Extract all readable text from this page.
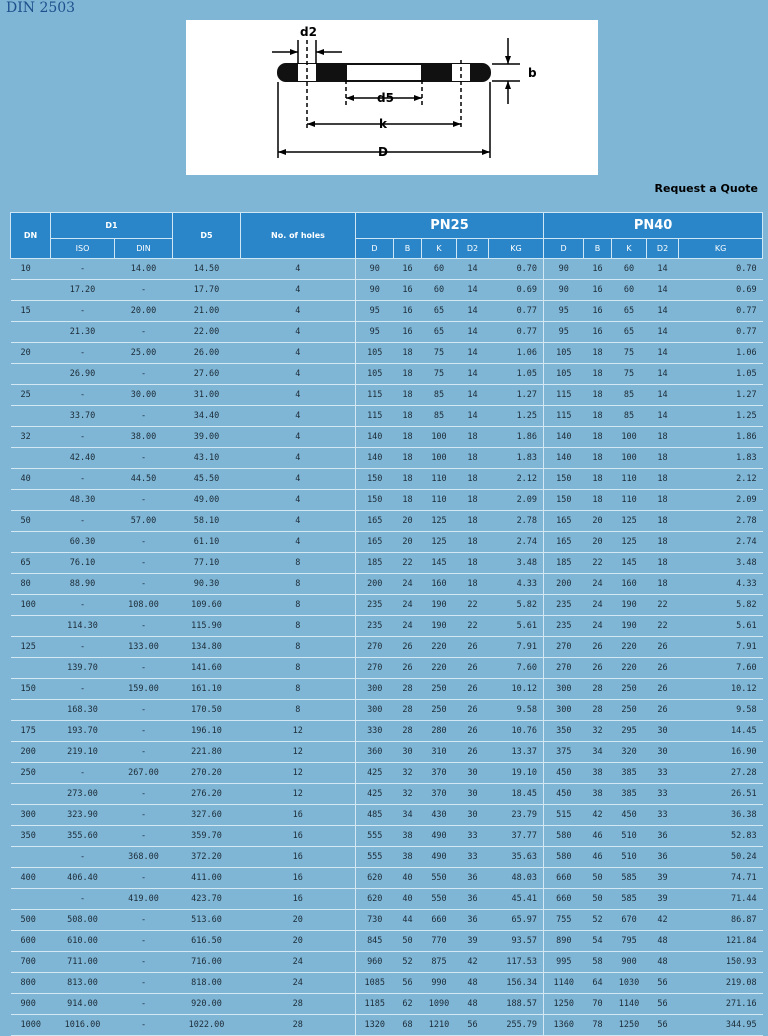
DIN 2503
d2
b
d5
k
D
Request a Quote
DN	D1		D5	No. of holes	PN25					PN40				
	ISO	DIN			D	B	K	D2	KG	D	B	K	D2	KG
10	-	14.00	14.50	4	90	16	60	14	0.70	90	16	60	14	0.70
	17.20	-	17.70	4	90	16	60	14	0.69	90	16	60	14	0.69
15	-	20.00	21.00	4	95	16	65	14	0.77	95	16	65	14	0.77
	21.30	-	22.00	4	95	16	65	14	0.77	95	16	65	14	0.77
20	-	25.00	26.00	4	105	18	75	14	1.06	105	18	75	14	1.06
	26.90	-	27.60	4	105	18	75	14	1.05	105	18	75	14	1.05
25	-	30.00	31.00	4	115	18	85	14	1.27	115	18	85	14	1.27
	33.70	-	34.40	4	115	18	85	14	1.25	115	18	85	14	1.25
32	-	38.00	39.00	4	140	18	100	18	1.86	140	18	100	18	1.86
	42.40	-	43.10	4	140	18	100	18	1.83	140	18	100	18	1.83
40	-	44.50	45.50	4	150	18	110	18	2.12	150	18	110	18	2.12
	48.30	-	49.00	4	150	18	110	18	2.09	150	18	110	18	2.09
50	-	57.00	58.10	4	165	20	125	18	2.78	165	20	125	18	2.78
	60.30	-	61.10	4	165	20	125	18	2.74	165	20	125	18	2.74
65	76.10	-	77.10	8	185	22	145	18	3.48	185	22	145	18	3.48
80	88.90	-	90.30	8	200	24	160	18	4.33	200	24	160	18	4.33
100	-	108.00	109.60	8	235	24	190	22	5.82	235	24	190	22	5.82
	114.30	-	115.90	8	235	24	190	22	5.61	235	24	190	22	5.61
125	-	133.00	134.80	8	270	26	220	26	7.91	270	26	220	26	7.91
	139.70	-	141.60	8	270	26	220	26	7.60	270	26	220	26	7.60
150	-	159.00	161.10	8	300	28	250	26	10.12	300	28	250	26	10.12
	168.30	-	170.50	8	300	28	250	26	9.58	300	28	250	26	9.58
175	193.70	-	196.10	12	330	28	280	26	10.76	350	32	295	30	14.45
200	219.10	-	221.80	12	360	30	310	26	13.37	375	34	320	30	16.90
250	-	267.00	270.20	12	425	32	370	30	19.10	450	38	385	33	27.28
	273.00	-	276.20	12	425	32	370	30	18.45	450	38	385	33	26.51
300	323.90	-	327.60	16	485	34	430	30	23.79	515	42	450	33	36.38
350	355.60	-	359.70	16	555	38	490	33	37.77	580	46	510	36	52.83
	-	368.00	372.20	16	555	38	490	33	35.63	580	46	510	36	50.24
400	406.40	-	411.00	16	620	40	550	36	48.03	660	50	585	39	74.71
	-	419.00	423.70	16	620	40	550	36	45.41	660	50	585	39	71.44
500	508.00	-	513.60	20	730	44	660	36	65.97	755	52	670	42	86.87
600	610.00	-	616.50	20	845	50	770	39	93.57	890	54	795	48	121.84
700	711.00	-	716.00	24	960	52	875	42	117.53	995	58	900	48	150.93
800	813.00	-	818.00	24	1085	56	990	48	156.34	1140	64	1030	56	219.08
900	914.00	-	920.00	28	1185	62	1090	48	188.57	1250	70	1140	56	271.16
1000	1016.00	-	1022.00	28	1320	68	1210	56	255.79	1360	78	1250	56	344.95
